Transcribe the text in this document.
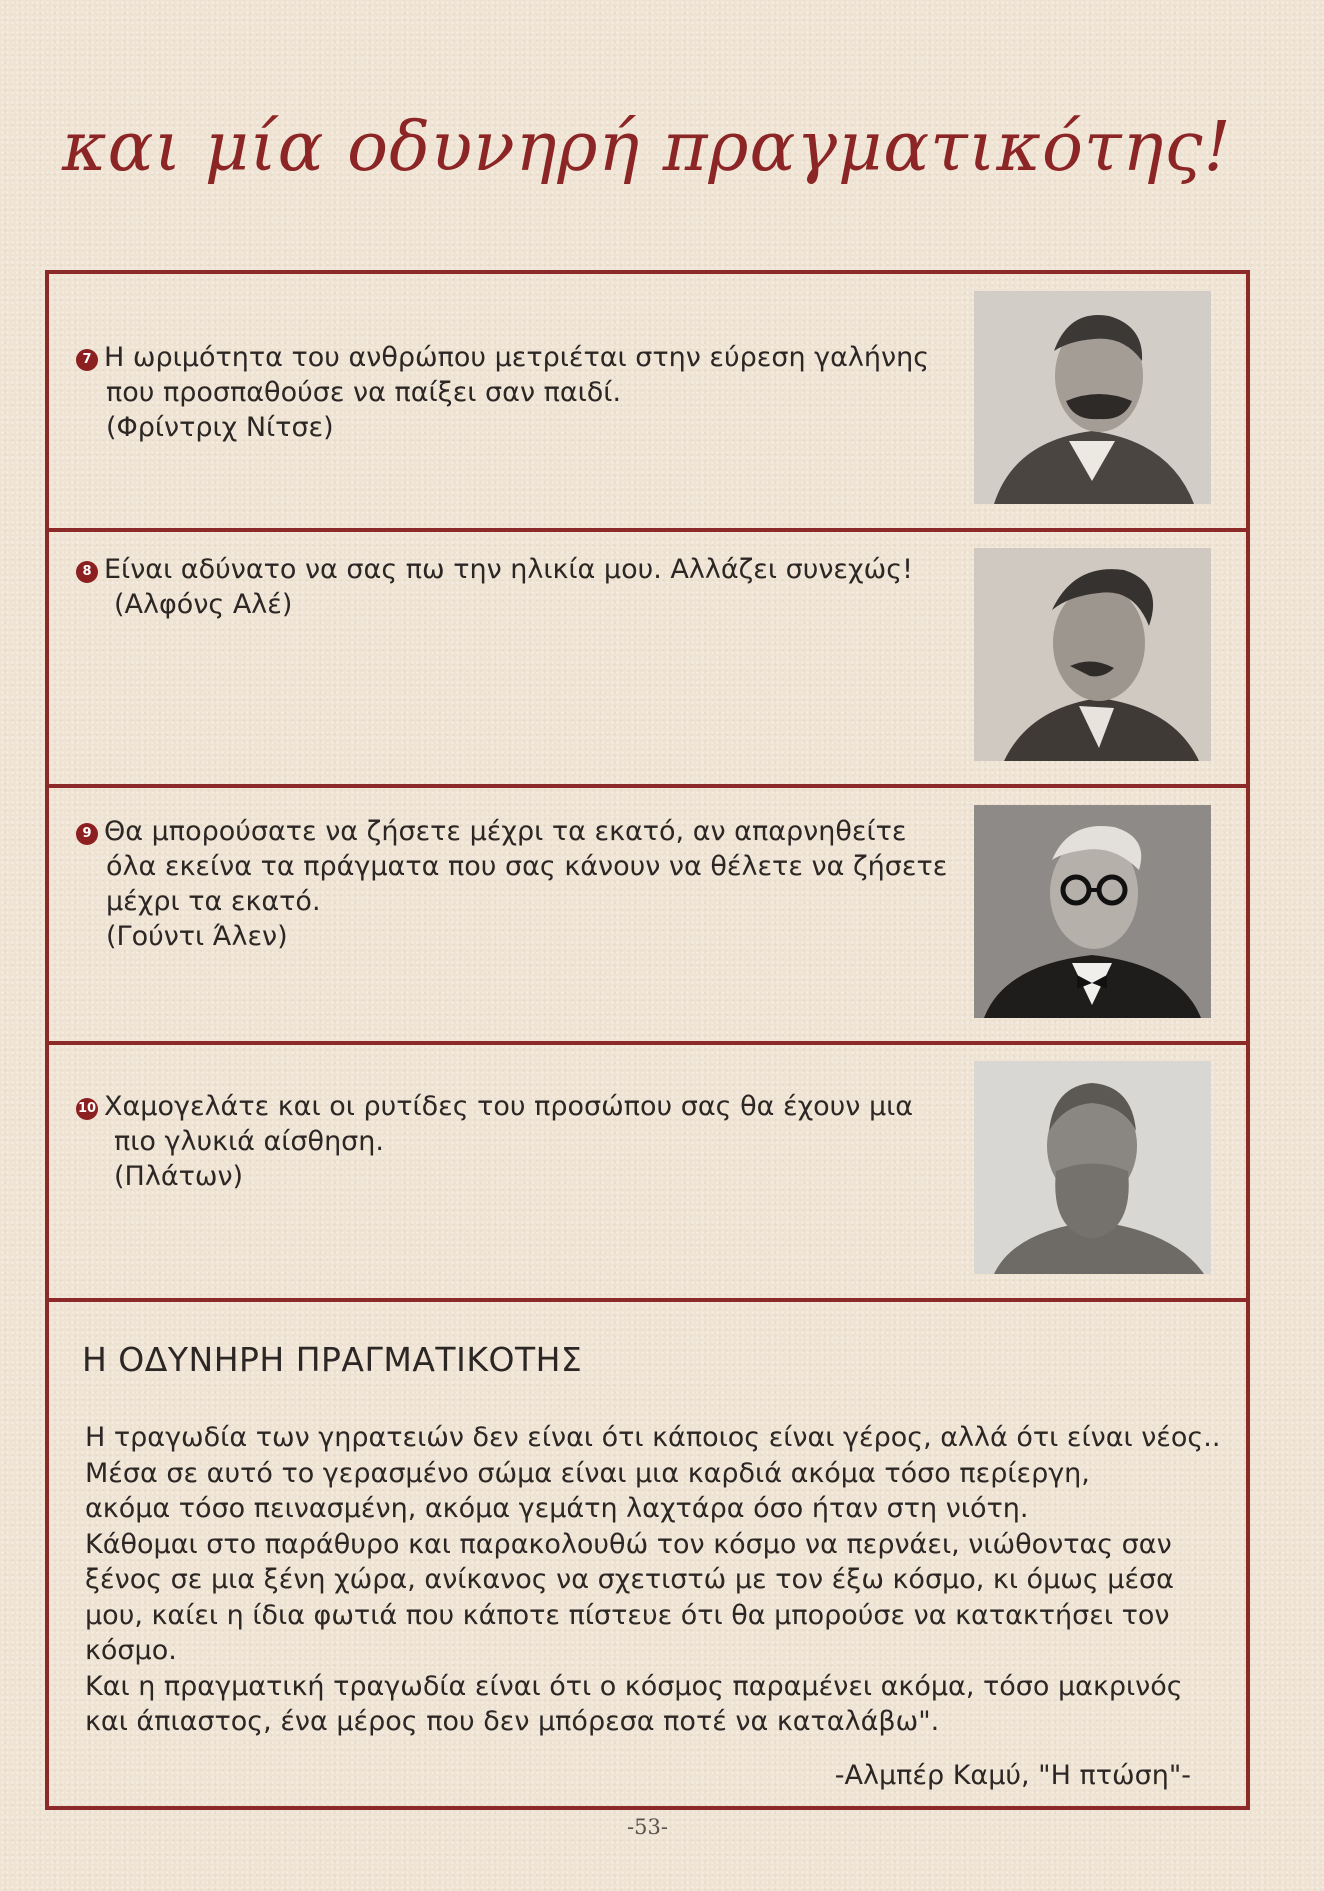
και μία οδυνηρή πραγματικότης!
7 Η ωριμότητα του ανθρώπου μετριέται στην εύρεση γαλήνης
που προσπαθούσε να παίξει σαν παιδί.
(Φρίντριχ Νίτσε)
8 Είναι αδύνατο να σας πω την ηλικία μου. Αλλάζει συνεχώς!
(Αλφόνς Αλέ)
9 Θα μπορούσατε να ζήσετε μέχρι τα εκατό, αν απαρνηθείτε
όλα εκείνα τα πράγματα που σας κάνουν να θέλετε να ζήσετε
μέχρι τα εκατό.
(Γούντι Άλεν)
10 Χαμογελάτε και οι ρυτίδες του προσώπου σας θα έχουν μια
πιο γλυκιά αίσθηση.
(Πλάτων)
Η ΟΔΥΝΗΡΗ ΠΡΑΓΜΑΤΙΚΟΤΗΣ
Η τραγωδία των γηρατειών δεν είναι ότι κάποιος είναι γέρος, αλλά ότι είναι νέος..
Μέσα σε αυτό το γερασμένο σώμα είναι μια καρδιά ακόμα τόσο περίεργη,
ακόμα τόσο πεινασμένη, ακόμα γεμάτη λαχτάρα όσο ήταν στη νιότη.
Κάθομαι στο παράθυρο και παρακολουθώ τον κόσμο να περνάει, νιώθοντας σαν
ξένος σε μια ξένη χώρα, ανίκανος να σχετιστώ με τον έξω κόσμο, κι όμως μέσα
μου, καίει η ίδια φωτιά που κάποτε πίστευε ότι θα μπορούσε να κατακτήσει τον
κόσμο.
Και η πραγματική τραγωδία είναι ότι ο κόσμος παραμένει ακόμα, τόσο μακρινός
και άπιαστος, ένα μέρος που δεν μπόρεσα ποτέ να καταλάβω".
-Αλμπέρ Καμύ, "Η πτώση"-
-53-
